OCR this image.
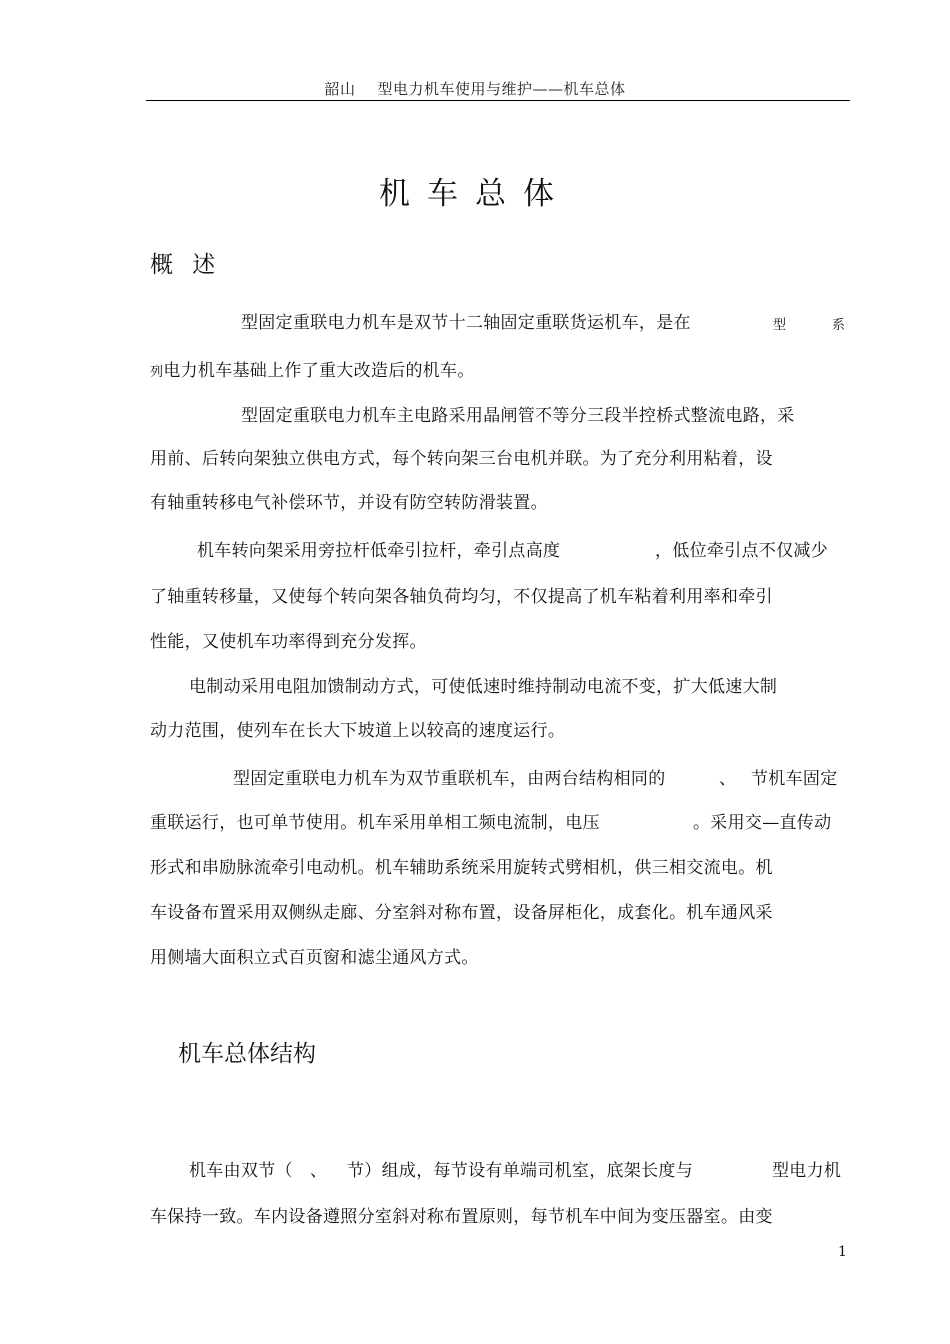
韶山 型电力机车使用与维护——机车总体
机车总体
概 述
型固定重联电力机车是双节十二轴固定重联货运机车，是在	型	系
列电力机车基础上作了重大改造后的机车。
型固定重联电力机车主电路采用晶闸管不等分三段半控桥式整流电路，采
用前、后转向架独立供电方式，每个转向架三台电机并联。为了充分利用粘着，设
有轴重转移电气补偿环节，并设有防空转防滑装置。
机车转向架采用旁拉杆低牵引拉杆，牵引点高度	，低位牵引点不仅减少
了轴重转移量，又使每个转向架各轴负荷均匀，不仅提高了机车粘着利用率和牵引
性能，又使机车功率得到充分发挥。
电制动采用电阻加馈制动方式，可使低速时维持制动电流不变，扩大低速大制
动力范围，使列车在长大下坡道上以较高的速度运行。
型固定重联电力机车为双节重联机车，由两台结构相同的	、 节机车固定
重联运行，也可单节使用。机车采用单相工频电流制，电压	。采用交—直传动
形式和串励脉流牵引电动机。机车辅助系统采用旋转式劈相机，供三相交流电。机
车设备布置采用双侧纵走廊、分室斜对称布置，设备屏柜化，成套化。机车通风采
用侧墙大面积立式百页窗和滤尘通风方式。
机车总体结构
机车由双节（ 、 节）组成，每节设有单端司机室，底架长度与	型电力机
车保持一致。车内设备遵照分室斜对称布置原则，每节机车中间为变压器室。由变
1
